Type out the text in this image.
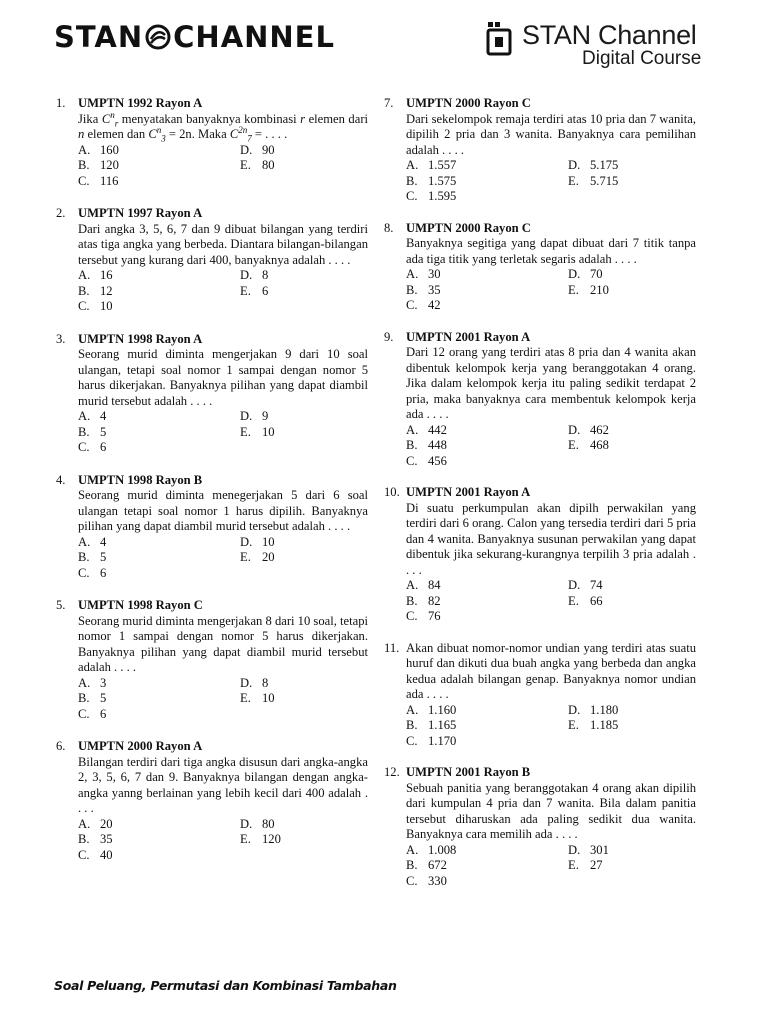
STAN CHANNEL	STAN Channel
Digital Course
1. UMPTN 1992 Rayon A
Jika $C^n_r$ menyatakan banyaknya kombinasi r elemen dari n elemen dan $C^n_3 = 2n$. Maka $C^{2n}_7$ = . . . .
A. 160	D. 90
B. 120	E. 80
C. 116
2. UMPTN 1997 Rayon A
Dari angka 3, 5, 6, 7 dan 9 dibuat bilangan yang terdiri atas tiga angka yang berbeda. Diantara bilangan-bilangan tersebut yang kurang dari 400, banyaknya adalah . . . .
A. 16	D. 8
B. 12	E. 6
C. 10
3. UMPTN 1998 Rayon A
Seorang murid diminta mengerjakan 9 dari 10 soal ulangan, tetapi soal nomor 1 sampai dengan nomor 5 harus dikerjakan. Banyaknya pilihan yang dapat diambil murid tersebut adalah . . . .
A. 4	D. 9
B. 5	E. 10
C. 6
4. UMPTN 1998 Rayon B
Seorang murid diminta menegerjakan 5 dari 6 soal ulangan tetapi soal nomor 1 harus dipilih. Banyaknya pilihan yang dapat diambil murid tersebut adalah . . . .
A. 4	D. 10
B. 5	E. 20
C. 6
5. UMPTN 1998 Rayon C
Seorang murid diminta mengerjakan 8 dari 10 soal, tetapi nomor 1 sampai dengan nomor 5 harus dikerjakan. Banyaknya pilihan yang dapat diambil murid tersebut adalah . . . .
A. 3	D. 8
B. 5	E. 10
C. 6
6. UMPTN 2000 Rayon A
Bilangan terdiri dari tiga angka disusun dari angka-angka 2, 3, 5, 6, 7 dan 9. Banyaknya bilangan dengan angka-angka yanng berlainan yang lebih kecil dari 400 adalah . . . .
A. 20	D. 80
B. 35	E. 120
C. 40
7. UMPTN 2000 Rayon C
Dari sekelompok remaja terdiri atas 10 pria dan 7 wanita, dipilih 2 pria dan 3 wanita. Banyaknya cara pemilihan adalah . . . .
A. 1.557	D. 5.175
B. 1.575	E. 5.715
C. 1.595
8. UMPTN 2000 Rayon C
Banyaknya segitiga yang dapat dibuat dari 7 titik tanpa ada tiga titik yang terletak segaris adalah . . . .
A. 30	D. 70
B. 35	E. 210
C. 42
9. UMPTN 2001 Rayon A
Dari 12 orang yang terdiri atas 8 pria dan 4 wanita akan dibentuk kelompok kerja yang beranggotakan 4 orang. Jika dalam kelompok kerja itu paling sedikit terdapat 2 pria, maka banyaknya cara membentuk kelompok kerja ada . . . .
A. 442	D. 462
B. 448	E. 468
C. 456
10. UMPTN 2001 Rayon A
Di suatu perkumpulan akan dipilh perwakilan yang terdiri dari 6 orang. Calon yang tersedia terdiri dari 5 pria dan 4 wanita. Banyaknya susunan perwakilan yang dapat dibentuk jika sekurang-kurangnya terpilih 3 pria adalah . . . .
A. 84	D. 74
B. 82	E. 66
C. 76
11. Akan dibuat nomor-nomor undian yang terdiri atas suatu huruf dan dikuti dua buah angka yang berbeda dan angka kedua adalah bilangan genap. Banyaknya nomor undian ada . . . .
A. 1.160	D. 1.180
B. 1.165	E. 1.185
C. 1.170
12. UMPTN 2001 Rayon B
Sebuah panitia yang beranggotakan 4 orang akan dipilih dari kumpulan 4 pria dan 7 wanita. Bila dalam panitia tersebut diharuskan ada paling sedikit dua wanita. Banyaknya cara memilih ada . . . .
A. 1.008	D. 301
B. 672	E. 27
C. 330
Soal Peluang, Permutasi dan Kombinasi Tambahan
